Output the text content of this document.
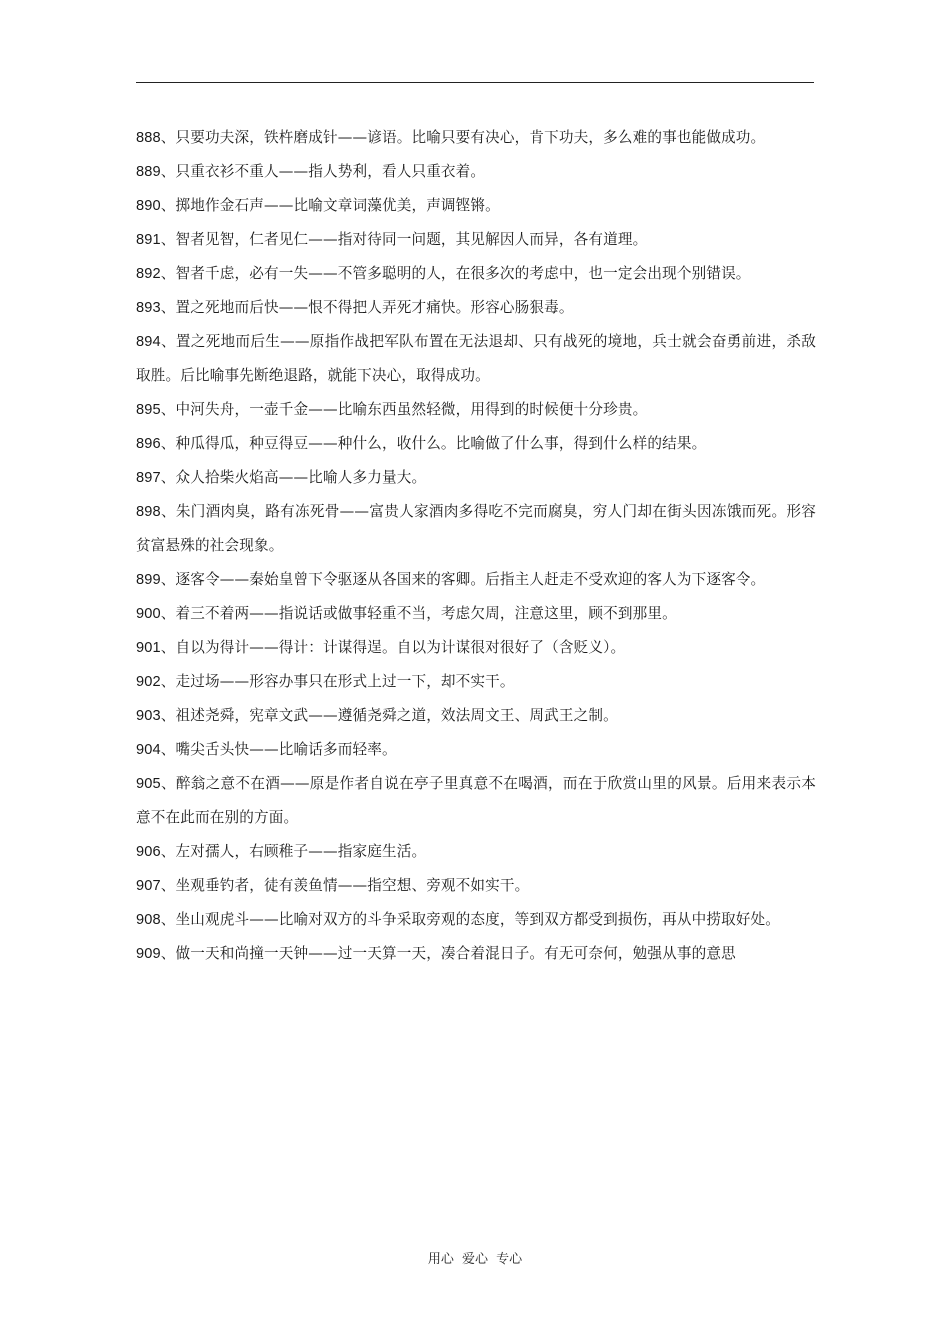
888、只要功夫深，铁杵磨成针——谚语。比喻只要有决心，肯下功夫，多么难的事也能做成功。

889、只重衣衫不重人——指人势利，看人只重衣着。

890、掷地作金石声——比喻文章词藻优美，声调铿锵。

891、智者见智，仁者见仁——指对待同一问题，其见解因人而异，各有道理。

892、智者千虑，必有一失——不管多聪明的人，在很多次的考虑中，也一定会出现个别错误。

893、置之死地而后快——恨不得把人弄死才痛快。形容心肠狠毒。

894、置之死地而后生——原指作战把军队布置在无法退却、只有战死的境地，兵士就会奋勇前进，杀敌取胜。后比喻事先断绝退路，就能下决心，取得成功。

895、中河失舟，一壶千金——比喻东西虽然轻微，用得到的时候便十分珍贵。

896、种瓜得瓜，种豆得豆——种什么，收什么。比喻做了什么事，得到什么样的结果。

897、众人拾柴火焰高——比喻人多力量大。

898、朱门酒肉臭，路有冻死骨——富贵人家酒肉多得吃不完而腐臭，穷人门却在街头因冻饿而死。形容贫富悬殊的社会现象。

899、逐客令——秦始皇曾下令驱逐从各国来的客卿。后指主人赶走不受欢迎的客人为下逐客令。

900、着三不着两——指说话或做事轻重不当，考虑欠周，注意这里，顾不到那里。

901、自以为得计——得计：计谋得逞。自以为计谋很对很好了（含贬义）。

902、走过场——形容办事只在形式上过一下，却不实干。

903、祖述尧舜，宪章文武——遵循尧舜之道，效法周文王、周武王之制。

904、嘴尖舌头快——比喻话多而轻率。

905、醉翁之意不在酒——原是作者自说在亭子里真意不在喝酒，而在于欣赏山里的风景。后用来表示本意不在此而在别的方面。

906、左对孺人，右顾稚子——指家庭生活。

907、坐观垂钓者，徒有羡鱼情——指空想、旁观不如实干。

908、坐山观虎斗——比喻对双方的斗争采取旁观的态度，等到双方都受到损伤，再从中捞取好处。

909、做一天和尚撞一天钟——过一天算一天，凑合着混日子。有无可奈何，勉强从事的意思

用心 爱心 专心
